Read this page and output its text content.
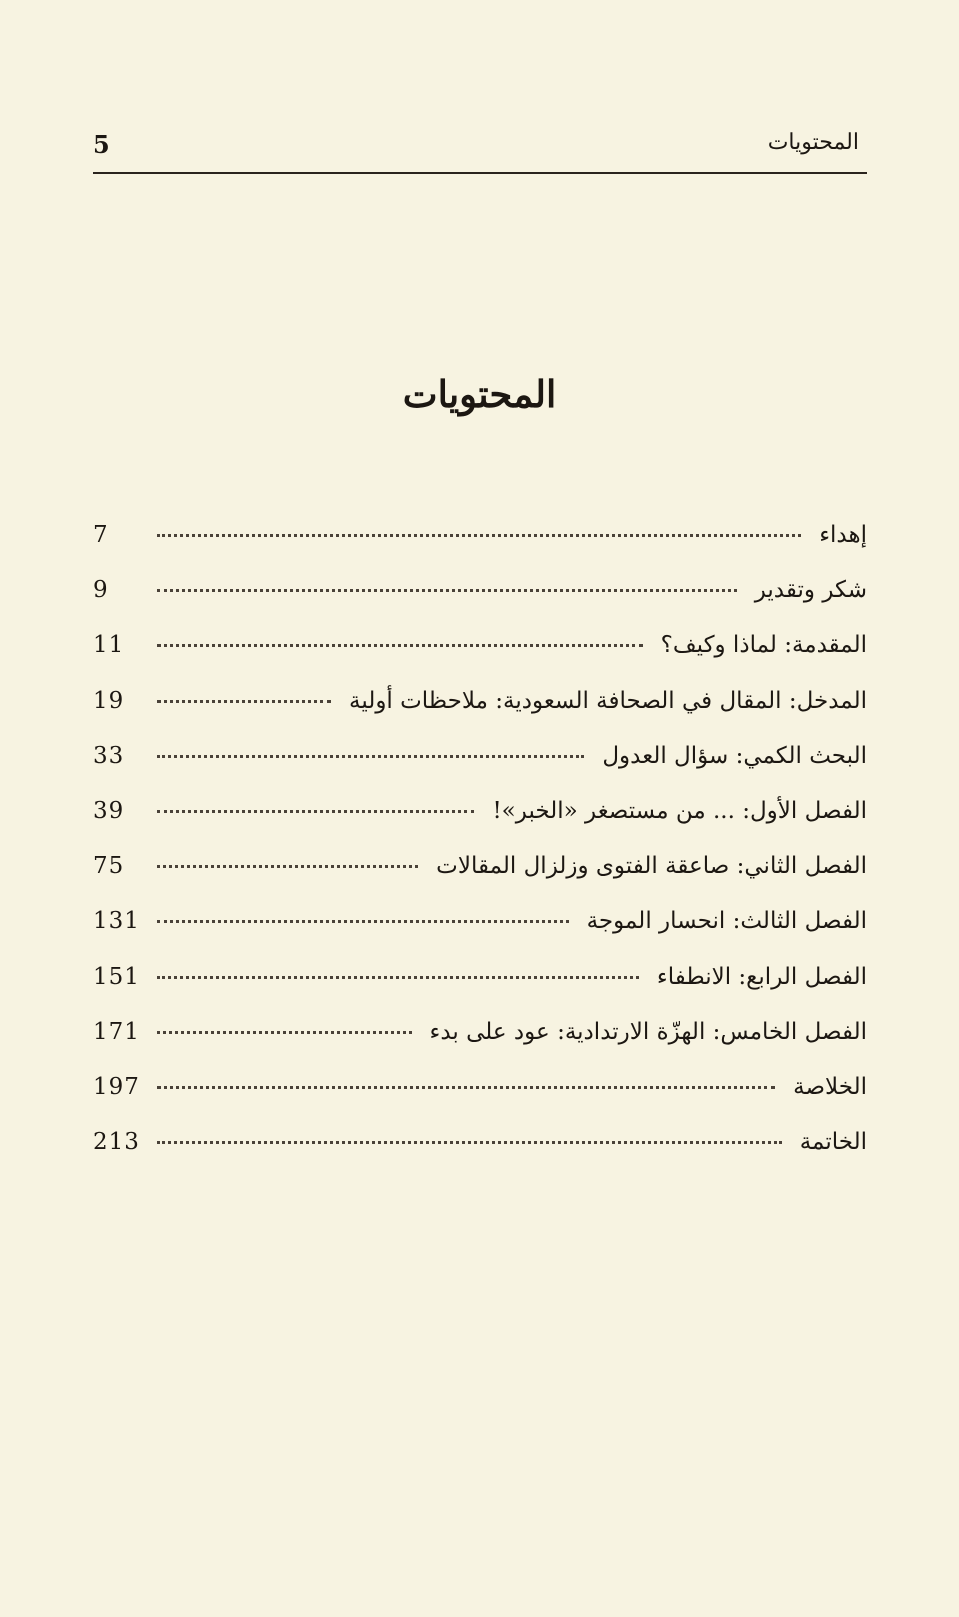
المحتويات
5
المحتويات
إهداء
7
شكر وتقدير
9
المقدمة: لماذا وكيف؟
11
المدخل: المقال في الصحافة السعودية: ملاحظات أولية
19
البحث الكمي: سؤال العدول
33
الفصل الأول: ... من مستصغر «الخبر»!
39
الفصل الثاني: صاعقة الفتوى وزلزال المقالات
75
الفصل الثالث: انحسار الموجة
131
الفصل الرابع: الانطفاء
151
الفصل الخامس: الهزّة الارتدادية: عود على بدء
171
الخلاصة
197
الخاتمة
213
